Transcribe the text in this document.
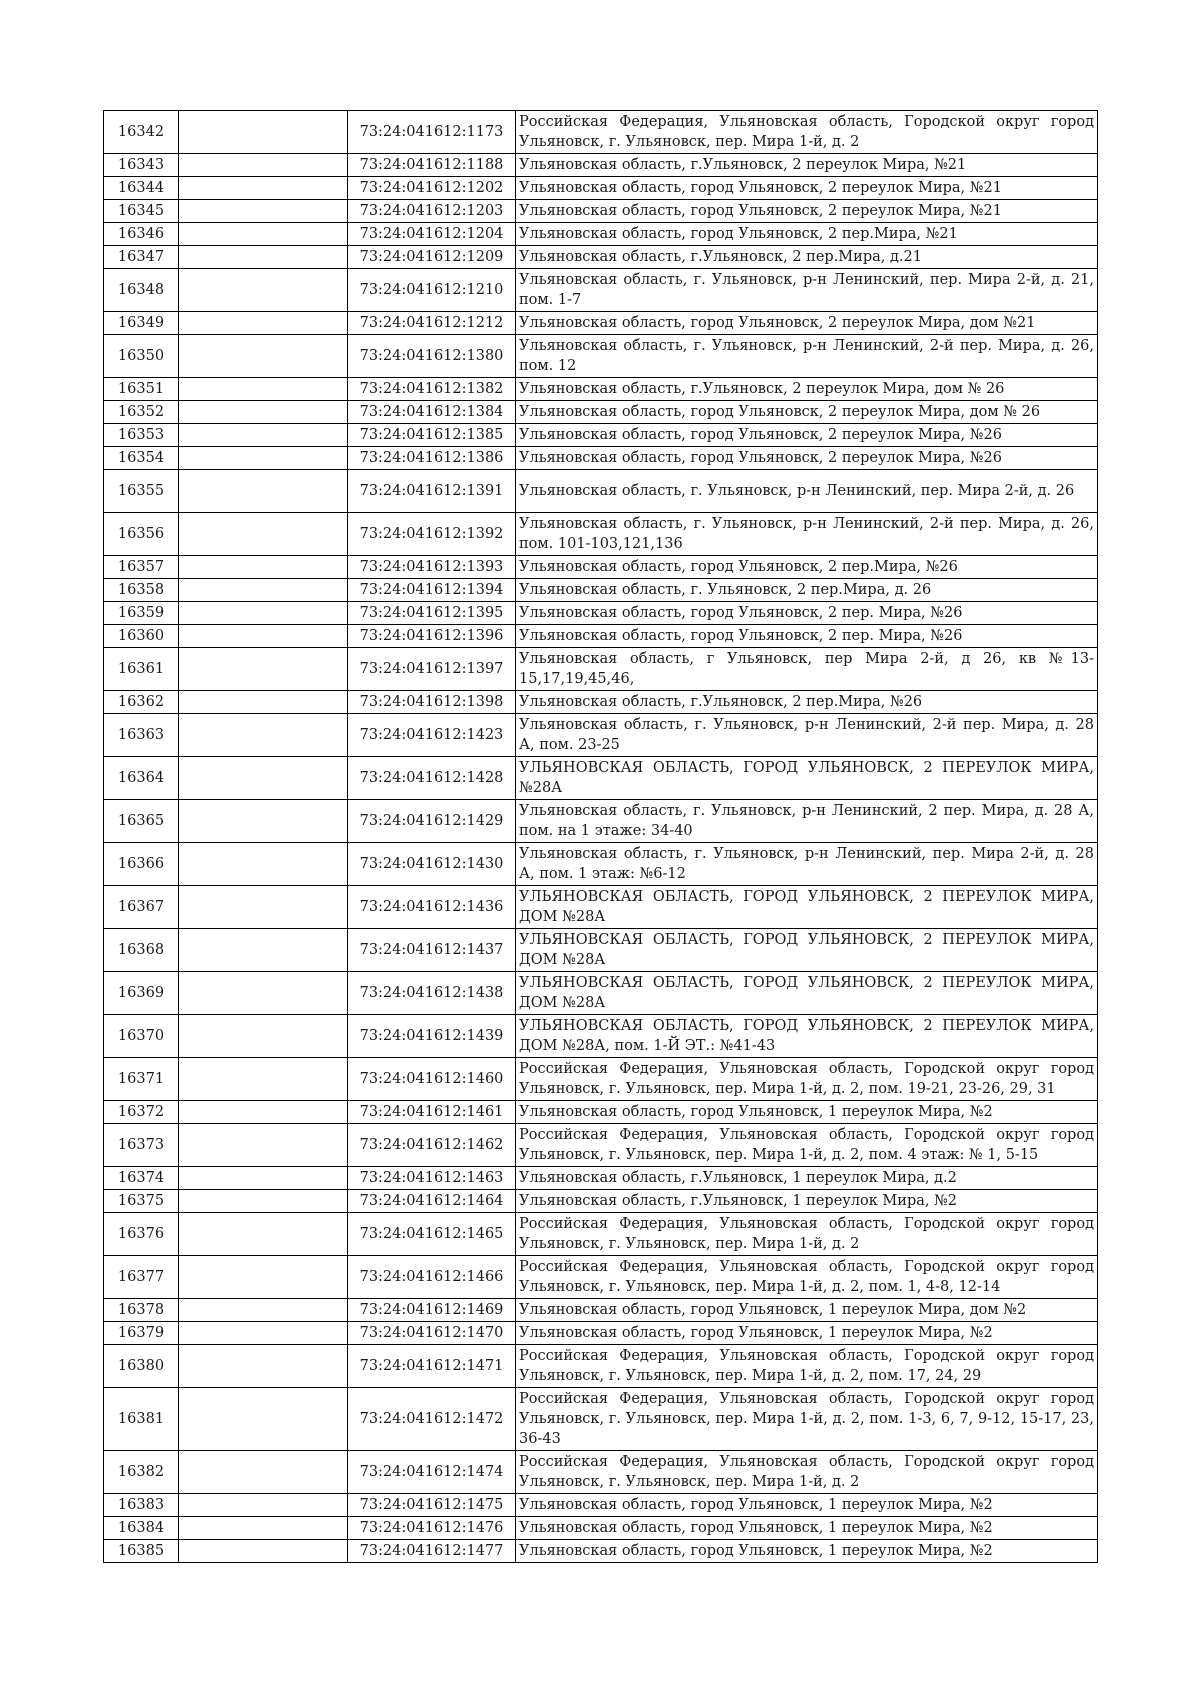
16342		73:24:041612:1173	Российская Федерация, Ульяновская область, Городской округ город Ульяновск, г. Ульяновск, пер. Мира 1-й, д. 2
16343		73:24:041612:1188	Ульяновская область, г.Ульяновск, 2 переулок Мира, №21
16344		73:24:041612:1202	Ульяновская область, город Ульяновск, 2 переулок Мира, №21
16345		73:24:041612:1203	Ульяновская область, город Ульяновск, 2 переулок Мира, №21
16346		73:24:041612:1204	Ульяновская область, город Ульяновск, 2 пер.Мира, №21
16347		73:24:041612:1209	Ульяновская область, г.Ульяновск, 2 пер.Мира, д.21
16348		73:24:041612:1210	Ульяновская область, г. Ульяновск, р-н Ленинский, пер. Мира 2-й, д. 21, пом. 1-7
16349		73:24:041612:1212	Ульяновская область, город Ульяновск, 2 переулок Мира, дом №21
16350		73:24:041612:1380	Ульяновская область, г. Ульяновск, р-н Ленинский, 2-й пер. Мира, д. 26, пом. 12
16351		73:24:041612:1382	Ульяновская область, г.Ульяновск, 2 переулок Мира, дом № 26
16352		73:24:041612:1384	Ульяновская область, город Ульяновск, 2 переулок Мира, дом № 26
16353		73:24:041612:1385	Ульяновская область, город Ульяновск, 2 переулок Мира, №26
16354		73:24:041612:1386	Ульяновская область, город Ульяновск, 2 переулок Мира, №26
16355		73:24:041612:1391	Ульяновская область, г. Ульяновск, р-н Ленинский, пер. Мира 2-й, д. 26
16356		73:24:041612:1392	Ульяновская область, г. Ульяновск, р-н Ленинский, 2-й пер. Мира, д. 26, пом. 101-103,121,136
16357		73:24:041612:1393	Ульяновская область, город Ульяновск, 2 пер.Мира, №26
16358		73:24:041612:1394	Ульяновская область, г. Ульяновск, 2 пер.Мира, д. 26
16359		73:24:041612:1395	Ульяновская область, город Ульяновск, 2 пер. Мира, №26
16360		73:24:041612:1396	Ульяновская область, город Ульяновск, 2 пер. Мира, №26
16361		73:24:041612:1397	Ульяновская область, г Ульяновск, пер Мира 2-й, д 26, кв №13-15,17,19,45,46,
16362		73:24:041612:1398	Ульяновская область, г.Ульяновск, 2 пер.Мира, №26
16363		73:24:041612:1423	Ульяновская область, г. Ульяновск, р-н Ленинский, 2-й пер. Мира, д. 28 А, пом. 23-25
16364		73:24:041612:1428	УЛЬЯНОВСКАЯ ОБЛАСТЬ, ГОРОД УЛЬЯНОВСК, 2 ПЕРЕУЛОК МИРА, №28А
16365		73:24:041612:1429	Ульяновская область, г. Ульяновск, р-н Ленинский, 2 пер. Мира, д. 28 А, пом. на 1 этаже: 34-40
16366		73:24:041612:1430	Ульяновская область, г. Ульяновск, р-н Ленинский, пер. Мира 2-й, д. 28 А, пом. 1 этаж: №6-12
16367		73:24:041612:1436	УЛЬЯНОВСКАЯ ОБЛАСТЬ, ГОРОД УЛЬЯНОВСК, 2 ПЕРЕУЛОК МИРА, ДОМ №28А
16368		73:24:041612:1437	УЛЬЯНОВСКАЯ ОБЛАСТЬ, ГОРОД УЛЬЯНОВСК, 2 ПЕРЕУЛОК МИРА, ДОМ №28А
16369		73:24:041612:1438	УЛЬЯНОВСКАЯ ОБЛАСТЬ, ГОРОД УЛЬЯНОВСК, 2 ПЕРЕУЛОК МИРА, ДОМ №28А
16370		73:24:041612:1439	УЛЬЯНОВСКАЯ ОБЛАСТЬ, ГОРОД УЛЬЯНОВСК, 2 ПЕРЕУЛОК МИРА, ДОМ №28А, пом. 1-Й ЭТ.: №41-43
16371		73:24:041612:1460	Российская Федерация, Ульяновская область, Городской округ город Ульяновск, г. Ульяновск, пер. Мира 1-й, д. 2, пом. 19-21, 23-26, 29, 31
16372		73:24:041612:1461	Ульяновская область, город Ульяновск, 1 переулок Мира, №2
16373		73:24:041612:1462	Российская Федерация, Ульяновская область, Городской округ город Ульяновск, г. Ульяновск, пер. Мира 1-й, д. 2, пом. 4 этаж: № 1, 5-15
16374		73:24:041612:1463	Ульяновская область, г.Ульяновск, 1 переулок Мира, д.2
16375		73:24:041612:1464	Ульяновская область, г.Ульяновск, 1 переулок Мира, №2
16376		73:24:041612:1465	Российская Федерация, Ульяновская область, Городской округ город Ульяновск, г. Ульяновск, пер. Мира 1-й, д. 2
16377		73:24:041612:1466	Российская Федерация, Ульяновская область, Городской округ город Ульяновск, г. Ульяновск, пер. Мира 1-й, д. 2, пом. 1, 4-8, 12-14
16378		73:24:041612:1469	Ульяновская область, город Ульяновск, 1 переулок Мира, дом №2
16379		73:24:041612:1470	Ульяновская область, город Ульяновск, 1 переулок Мира, №2
16380		73:24:041612:1471	Российская Федерация, Ульяновская область, Городской округ город Ульяновск, г. Ульяновск, пер. Мира 1-й, д. 2, пом. 17, 24, 29
16381		73:24:041612:1472	Российская Федерация, Ульяновская область, Городской округ город Ульяновск, г. Ульяновск, пер. Мира 1-й, д. 2, пом. 1-3, 6, 7, 9-12, 15-17, 23, 36-43
16382		73:24:041612:1474	Российская Федерация, Ульяновская область, Городской округ город Ульяновск, г. Ульяновск, пер. Мира 1-й, д. 2
16383		73:24:041612:1475	Ульяновская область, город Ульяновск, 1 переулок Мира, №2
16384		73:24:041612:1476	Ульяновская область, город Ульяновск, 1 переулок Мира, №2
16385		73:24:041612:1477	Ульяновская область, город Ульяновск, 1 переулок Мира, №2
